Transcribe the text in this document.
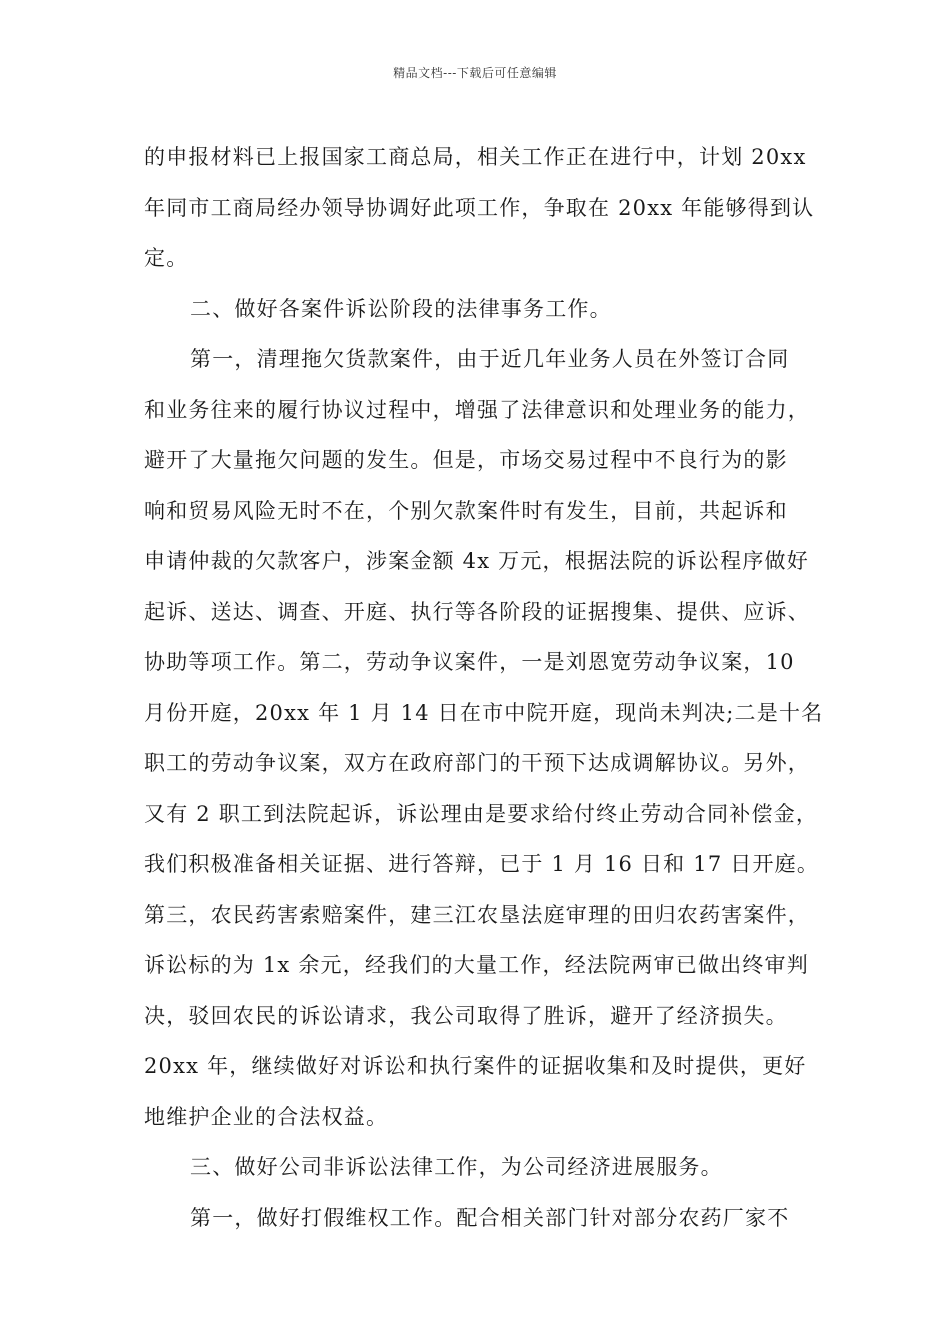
精品文档---下载后可任意编辑
的申报材料已上报国家工商总局，相关工作正在进行中，计划 20xx
年同市工商局经办领导协调好此项工作，争取在 20xx 年能够得到认
定。
二、做好各案件诉讼阶段的法律事务工作。
第一，清理拖欠货款案件，由于近几年业务人员在外签订合同
和业务往来的履行协议过程中，增强了法律意识和处理业务的能力，
避开了大量拖欠问题的发生。但是，市场交易过程中不良行为的影
响和贸易风险无时不在，个别欠款案件时有发生，目前，共起诉和
申请仲裁的欠款客户，涉案金额 4x 万元，根据法院的诉讼程序做好
起诉、送达、调查、开庭、执行等各阶段的证据搜集、提供、应诉、
协助等项工作。第二，劳动争议案件，一是刘恩宽劳动争议案，10
月份开庭，20xx 年 1 月 14 日在市中院开庭，现尚未判决;二是十名
职工的劳动争议案，双方在政府部门的干预下达成调解协议。另外，
又有 2 职工到法院起诉，诉讼理由是要求给付终止劳动合同补偿金，
我们积极准备相关证据、进行答辩，已于 1 月 16 日和 17 日开庭。
第三，农民药害索赔案件，建三江农垦法庭审理的田归农药害案件，
诉讼标的为 1x 余元，经我们的大量工作，经法院两审已做出终审判
决，驳回农民的诉讼请求，我公司取得了胜诉，避开了经济损失。
20xx 年，继续做好对诉讼和执行案件的证据收集和及时提供，更好
地维护企业的合法权益。
三、做好公司非诉讼法律工作，为公司经济进展服务。
第一，做好打假维权工作。配合相关部门针对部分农药厂家不
